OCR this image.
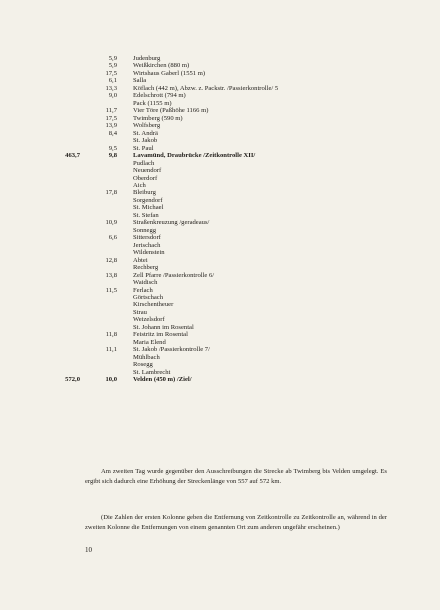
5,9 Judenburg
5,9 Weißkirchen (880 m)
17,5 Wirtshaus Gaberl (1551 m)
6,1 Salla
13,3 Köflach (442 m), Abzw. z. Packstr. /Passierkontrolle/ 5
9,0 Edelschrott (794 m)
Pack (1155 m)
11,7 Vier Töre (Paßhöhe 1166 m)
17,5 Twimberg (590 m)
13,9 Wolfsberg
8,4 St. Andrä
St. Jakob
9,5 St. Paul
463,7	9,8 Lavamünd, Draubrücke /Zeitkontrolle XII/
Pudlach
Neuendorf
Oberdorf
Aich
17,8 Bleiburg
Sorgendorf
St. Michael
St. Stefan
10,9 Straßenkreuzung /geradeaus/
Sonnegg
6,6 Sittersdorf
Jerischach
Wildenstein
12,8 Abtei
Rechberg
13,8 Zell Pfarre /Passierkontrolle 6/
Waidisch
11,5 Ferlach
Görtschach
Kirschentheuer
Strau
Weizelsdorf
St. Johann im Rosental
11,8 Feistritz im Rosental
Maria Elend
11,1 St. Jakob /Passierkontrolle 7/
Mühlbach
Rosegg
St. Lambrecht
572,0	10,0 Velden (450 m) /Ziel/

Am zweiten Tag wurde gegenüber den Ausschreibungen die Strecke ab Twimberg bis Velden umgelegt. Es ergibt sich dadurch eine Erhöhung der Streckenlänge von 557 auf 572 km.

(Die Zahlen der ersten Kolonne geben die Entfernung von Zeitkontrolle zu Zeitkontrolle an, während in der zweiten Kolonne die Entfernungen von einem genannten Ort zum anderen ungefähr erscheinen.)

10
